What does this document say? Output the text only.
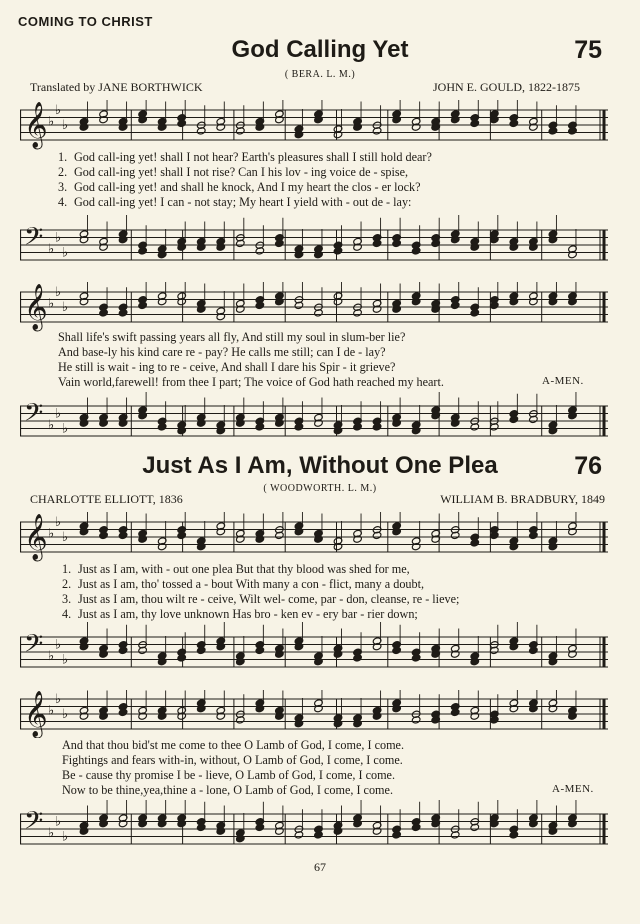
COMING TO CHRIST
God Calling Yet	75
( BERA. L. M.)
Translated by JANE BORTHWICK	JOHN E. GOULD, 1822-1875
𝄞 ♭
♭
♭
1. God call-ing yet! shall I not hear? Earth's pleasures shall I still hold dear?
2. God call-ing yet! shall I not rise? Can I his lov - ing voice de - spise,
3. God call-ing yet! and shall he knock, And I my heart the clos - er lock?
4. God call-ing yet! I can - not stay; My heart I yield with - out de - lay:
𝄢 ♭
♭
♭
𝄞 ♭
♭
♭
Shall life's swift passing years all fly, And still my soul in slum-ber lie?
And base-ly his kind care re - pay? He calls me still; can I de - lay?
He still is wait - ing to re - ceive, And shall I dare his Spir - it grieve?
Vain world,farewell! from thee I part; The voice of God hath reached my heart.	A-MEN.
𝄢 ♭
♭
♭
Just As I Am, Without One Plea	76
( WOODWORTH. L. M.)
CHARLOTTE ELLIOTT, 1836	WILLIAM B. BRADBURY, 1849
𝄞 ♭
♭
♭
1. Just as I am, with - out one plea But that thy blood was shed for me,
2. Just as I am, tho' tossed a - bout With many a con - flict, many a doubt,
3. Just as I am, thou wilt re - ceive, Wilt wel- come, par - don, cleanse, re - lieve;
4. Just as I am, thy love unknown Has bro - ken ev - ery bar - rier down;
𝄢 ♭
♭
♭
𝄞 ♭
♭
♭
And that thou bid'st me come to thee O Lamb of God, I come, I come.
Fightings and fears with-in, without, O Lamb of God, I come, I come.
Be - cause thy promise I be - lieve, O Lamb of God, I come, I come.
Now to be thine,yea,thine a - lone, O Lamb of God, I come, I come.	A-MEN.
𝄢 ♭
♭
♭
67
